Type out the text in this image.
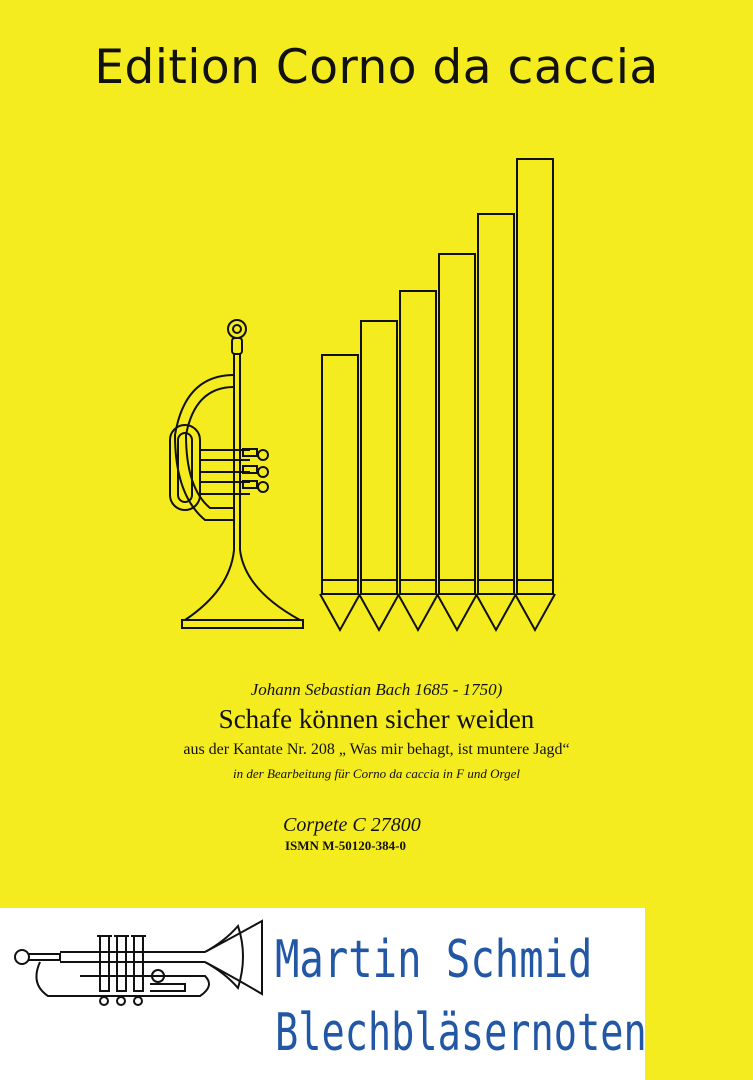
Edition Corno da caccia
Johann Sebastian Bach 1685 - 1750)
Schafe können sicher weiden
aus der Kantate Nr. 208 „ Was mir behagt, ist muntere Jagd“
in der Bearbeitung für Corno da caccia in F und Orgel
Corpete C 27800
ISMN M-50120-384-0
Martin Schmid
Blechbläsernoten
